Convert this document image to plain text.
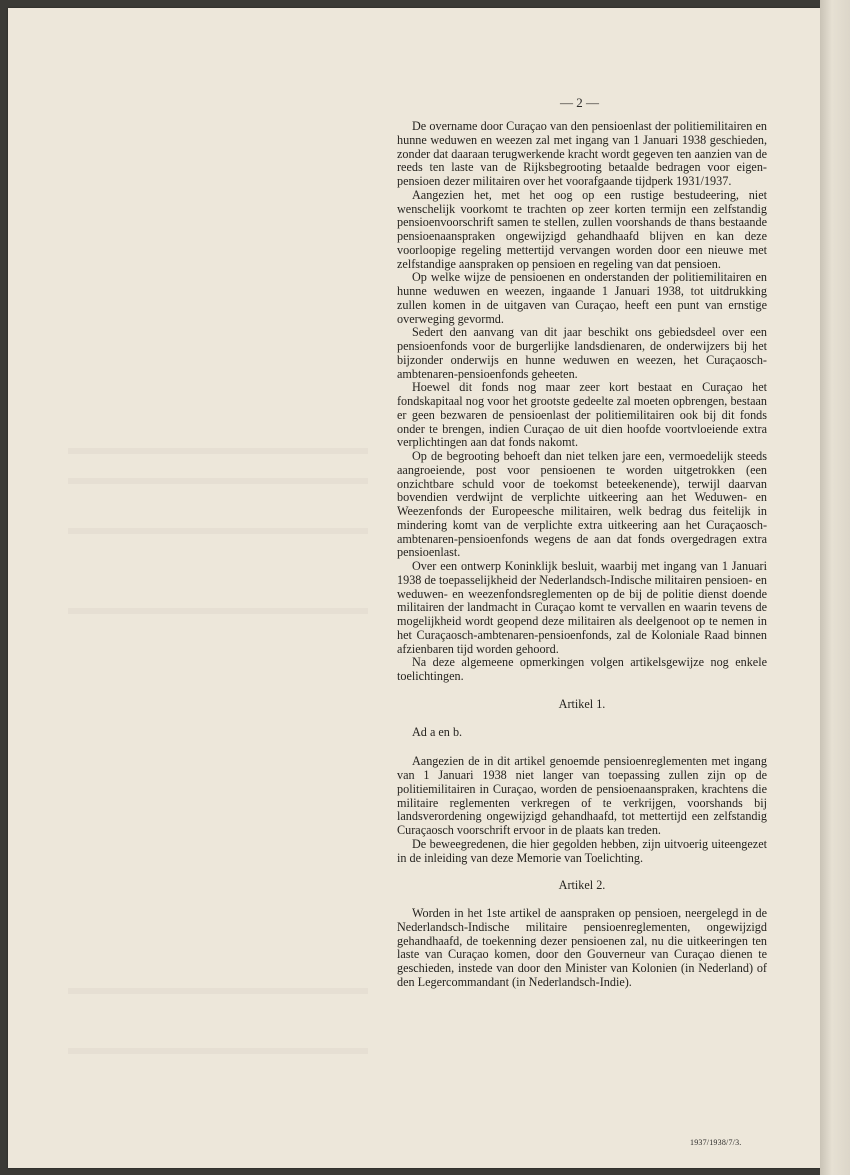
— 2 —

De overname door Curaçao van den pensioenlast der politiemilitairen en hunne weduwen en weezen zal met ingang van 1 Januari 1938 geschieden, zonder dat daaraan terugwerkende kracht wordt gegeven ten aanzien van de reeds ten laste van de Rijksbegrooting betaalde bedragen voor eigen-pensioen dezer militairen over het voorafgaande tijdperk 1931/1937.

Aangezien het, met het oog op een rustige bestudeering, niet wenschelijk voorkomt te trachten op zeer korten termijn een zelfstandig pensioenvoorschrift samen te stellen, zullen voorshands de thans bestaande pensioenaanspraken ongewijzigd gehandhaafd blijven en kan deze voorloopige regeling mettertijd vervangen worden door een nieuwe met zelfstandige aanspraken op pensioen en regeling van dat pensioen.

Op welke wijze de pensioenen en onderstanden der politiemilitairen en hunne weduwen en weezen, ingaande 1 Januari 1938, tot uitdrukking zullen komen in de uitgaven van Curaçao, heeft een punt van ernstige overweging gevormd.

Sedert den aanvang van dit jaar beschikt ons gebiedsdeel over een pensioenfonds voor de burgerlijke landsdienaren, de onderwijzers bij het bijzonder onderwijs en hunne weduwen en weezen, het Curaçaosch-ambtenaren-pensioenfonds geheeten.

Hoewel dit fonds nog maar zeer kort bestaat en Curaçao het fondskapitaal nog voor het grootste gedeelte zal moeten opbrengen, bestaan er geen bezwaren de pensioenlast der politiemilitairen ook bij dit fonds onder te brengen, indien Curaçao de uit dien hoofde voortvloeiende extra verplichtingen aan dat fonds nakomt.

Op de begrooting behoeft dan niet telken jare een, vermoedelijk steeds aangroeiende, post voor pensioenen te worden uitgetrokken (een onzichtbare schuld voor de toekomst beteekenende), terwijl daarvan bovendien verdwijnt de verplichte uitkeering aan het Weduwen- en Weezenfonds der Europeesche militairen, welk bedrag dus feitelijk in mindering komt van de verplichte extra uitkeering aan het Curaçaosch-ambtenaren-pensioenfonds wegens de aan dat fonds overgedragen extra pensioenlast.

Over een ontwerp Koninklijk besluit, waarbij met ingang van 1 Januari 1938 de toepasselijkheid der Nederlandsch-Indische militairen pensioen- en weduwen- en weezenfondsreglementen op de bij de politie dienst doende militairen der landmacht in Curaçao komt te vervallen en waarin tevens de mogelijkheid wordt geopend deze militairen als deelgenoot op te nemen in het Curaçaosch-ambtenaren-pensioenfonds, zal de Koloniale Raad binnen afzienbaren tijd worden gehoord.

Na deze algemeene opmerkingen volgen artikelsgewijze nog enkele toelichtingen.

Artikel 1.

Ad a en b.

Aangezien de in dit artikel genoemde pensioenreglementen met ingang van 1 Januari 1938 niet langer van toepassing zullen zijn op de politiemilitairen in Curaçao, worden de pensioenaanspraken, krachtens die militaire reglementen verkregen of te verkrijgen, voorshands bij landsverordening ongewijzigd gehandhaafd, tot mettertijd een zelfstandig Curaçaosch voorschrift ervoor in de plaats kan treden.

De beweegredenen, die hier gegolden hebben, zijn uitvoerig uiteengezet in de inleiding van deze Memorie van Toelichting.

Artikel 2.

Worden in het 1ste artikel de aanspraken op pensioen, neergelegd in de Nederlandsch-Indische militaire pensioenreglementen, ongewijzigd gehandhaafd, de toekenning dezer pensioenen zal, nu die uitkeeringen ten laste van Curaçao komen, door den Gouverneur van Curaçao dienen te geschieden, instede van door den Minister van Kolonien (in Nederland) of den Legercommandant (in Nederlandsch-Indie).

1937/1938/7/3.
